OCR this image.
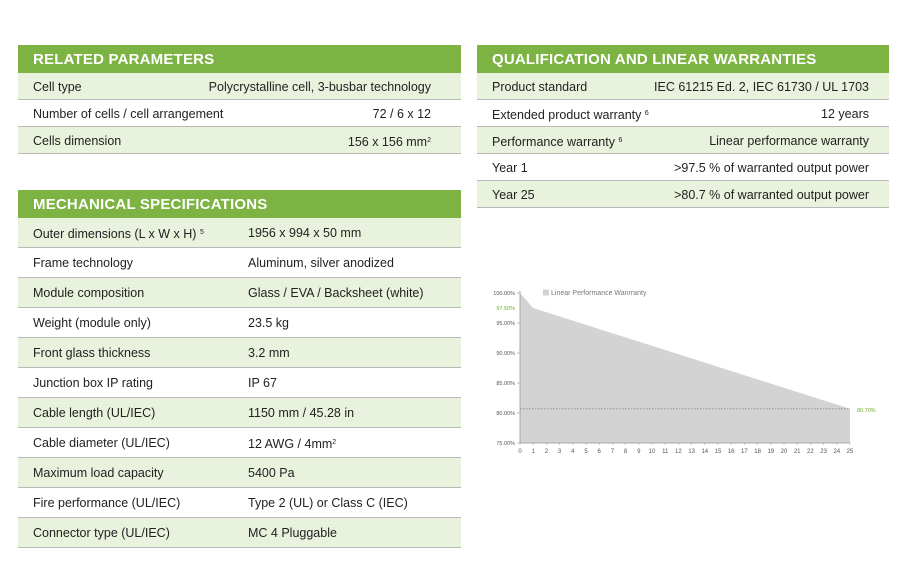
RELATED PARAMETERS
Cell type	Polycrystalline cell, 3-busbar technology
Number of cells / cell arrangement	72 / 6 x 12
Cells dimension	156 x 156 $mm^2$
MECHANICAL SPECIFICATIONS
Outer dimensions (L x W x H) $^5$	1956 x 994 x 50 mm
Frame technology	Aluminum, silver anodized
Module composition	Glass / EVA / Backsheet (white)
Weight (module only)	23.5 kg
Front glass thickness	3.2 mm
Junction box IP rating	IP 67
Cable length (UL/IEC)	1150 mm / 45.28 in
Cable diameter (UL/IEC)	12 AWG / $4mm^2$
Maximum load capacity	5400 Pa
Fire performance (UL/IEC)	Type 2 (UL) or Class C (IEC)
Connector type (UL/IEC)	MC 4 Pluggable
QUALIFICATION AND LINEAR WARRANTIES
Product standard	IEC 61215 Ed. 2, IEC 61730 / UL 1703
Extended product warranty $^6$	12 years
Performance warranty $^6$	Linear performance warranty
Year 1	>97.5 % of warranted output power
Year 25	>80.7 % of warranted output power
75.00%
80.00%
85.00%
90.00%
95.00%
100.00%
0 1 2 3 4 5 6 7 8 9 10 11 12 13 14 15 16 17 18 19 20 21 22 23 24 25
97.50%
80.70%
Linear Performance Wanrranty
